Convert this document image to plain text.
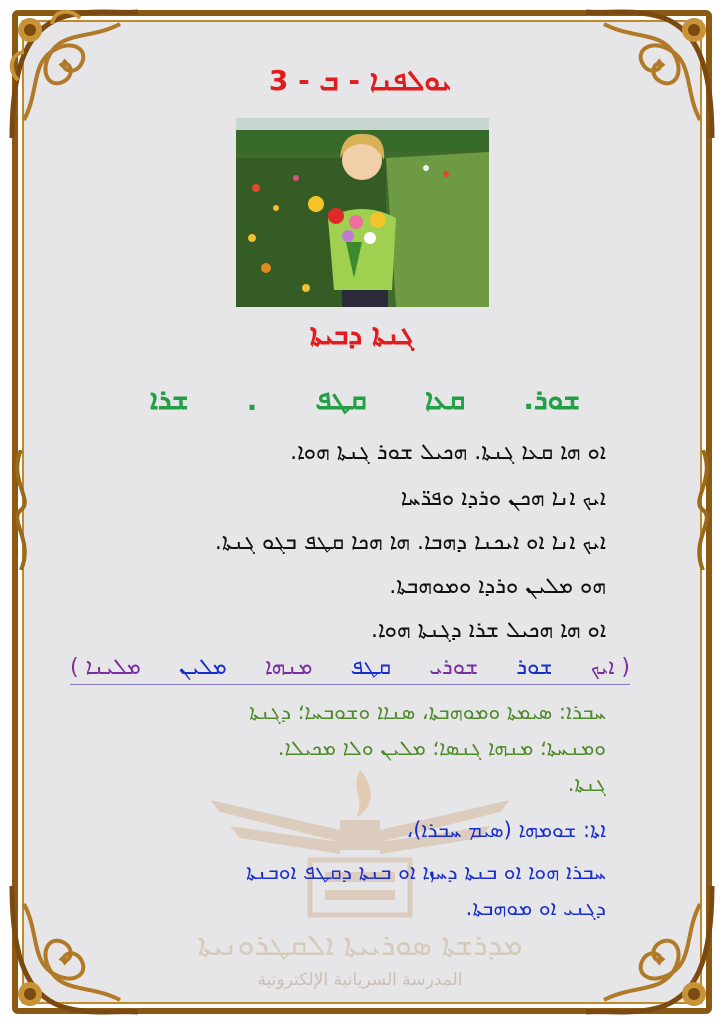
ܡܕܪܫܬܐ ܣܘܪܝܝܬܐ ܐܠܩܛܪܘܢܝܬܐ
المدرسة السريانية الإلكترونية
ܝܘܠܦܢܐ - ܒ - 3
ܓܢܬܐ ܕܒܝܬܐ
ܫܘܪ.
ܩܥܐ
ܩܛܦ
.
ܫܪܐ
ܐܘ ܗܐ ܩܥܐ ܓܢܬܐ. ܗܟܝܠ ܫܘܪ ܓܢܬܐ ܗܘܐ.
ܐܝܟ ܐܢܐ ܗܟܢ ܘܪܕܐ ܘܦܪ̈ܚܐ
ܐܝܟ ܐܢܐ ܐܘ ܐܝܟܢܐ ܕܗܒܐ. ܗܐ ܗܟܐ ܩܛܦ ܒܓܘ ܓܢܬܐ.
ܗܘ ܡܠܝܢ ܘܪܕܐ ܘܡܘܗܒܬܐ.
ܐܘ ܗܐ ܗܟܝܠ ܫܪܐ ܕܓܢܬܐ ܗܘܐ.
( ܐܝܟ
ܫܘܪ
ܫܘܪܝ
ܩܛܦ
ܡܢܗܐ
ܡܠܝܢ
ܡܠܝܢܐ )
ܚܒܪܐ: ܣܝܡܬܐ ܘܡܘܗܒܬܐ، ܣܢܐܐ ܘܫܘܒܚܐ؛ ܕܓܢܬܐ
ܘܡܢܚܬܐ؛ ܡܢܗܐ ܓܢܣܐ؛ ܡܠܝܢ ܘܠܐ ܡܟܝܠܐ.
ܓܢܬܐ.
ܐܬܐ: ܫܘܡܗܐ (ܣܝܡ ܚܒܪܐ)،
ܚܒܪܐ ܗܘܐ ܐܘ ܒܢܬܐ ܕܚܙܐ ܐܘ ܒܢܬܐ ܕܩܛܦ ܐܘܒܢܬܐ
ܕܓܢܝ ܐܘ ܡܘܗܒܬܐ.
